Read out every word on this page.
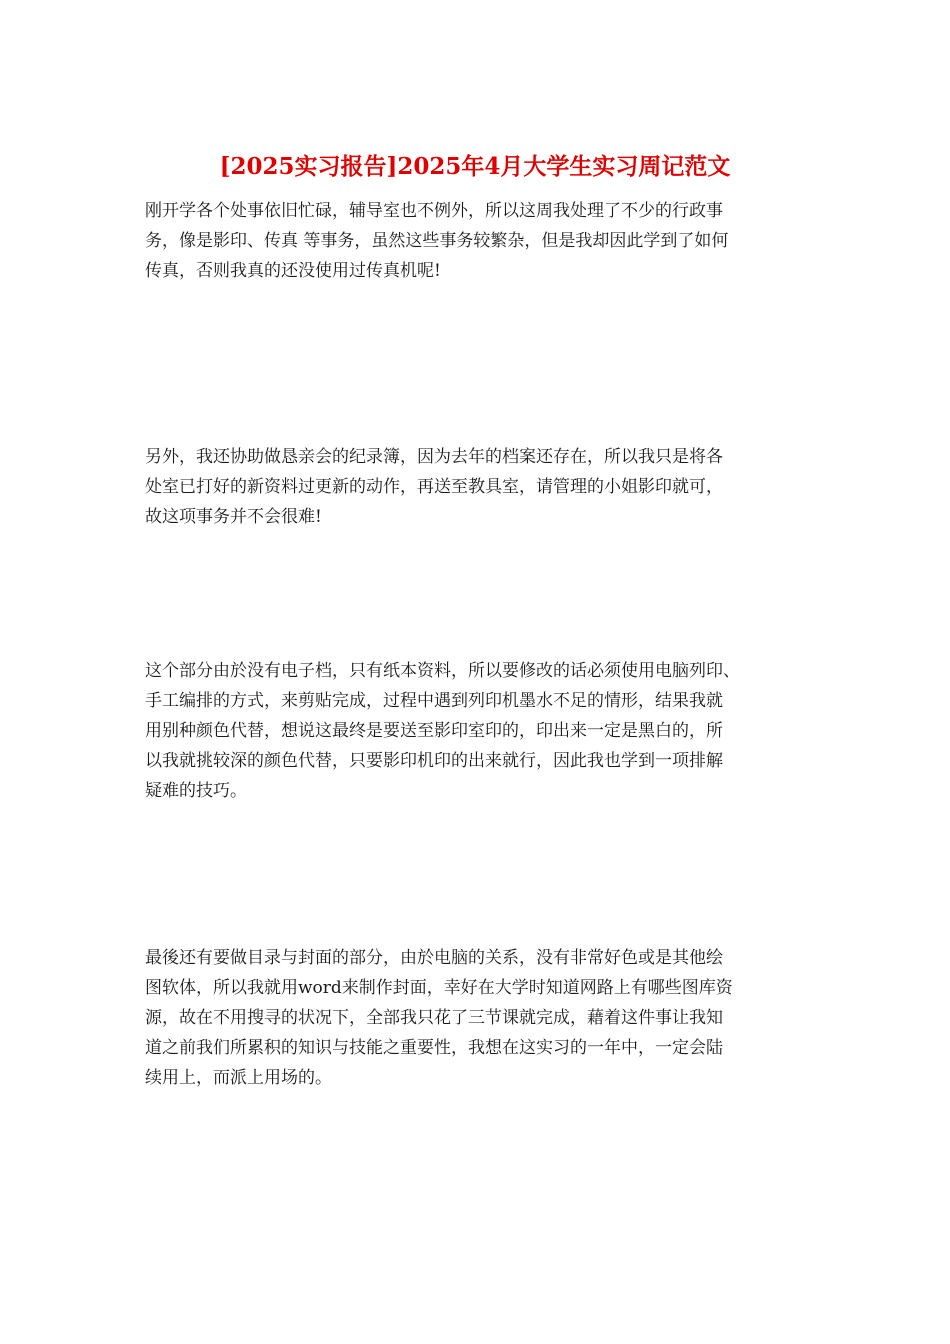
[2025实习报告]2025年4月大学生实习周记范文

刚开学各个处事依旧忙碌，辅导室也不例外，所以这周我处理了不少的行政事
务，像是影印、传真 等事务，虽然这些事务较繁杂，但是我却因此学到了如何
传真，否则我真的还没使用过传真机呢!

另外，我还协助做恳亲会的纪录簿，因为去年的档案还存在，所以我只是将各
处室已打好的新资料过更新的动作，再送至教具室，请管理的小姐影印就可，
故这项事务并不会很难!

这个部分由於没有电子档，只有纸本资料，所以要修改的话必须使用电脑列印、
手工编排的方式，来剪贴完成，过程中遇到列印机墨水不足的情形，结果我就
用别种颜色代替，想说这最终是要送至影印室印的，印出来一定是黑白的，所
以我就挑较深的颜色代替，只要影印机印的出来就行，因此我也学到一项排解
疑难的技巧。

最後还有要做目录与封面的部分，由於电脑的关系，没有非常好色或是其他绘
图软体，所以我就用word来制作封面，幸好在大学时知道网路上有哪些图库资
源，故在不用搜寻的状况下，全部我只花了三节课就完成，藉着这件事让我知
道之前我们所累积的知识与技能之重要性，我想在这实习的一年中，一定会陆
续用上，而派上用场的。
